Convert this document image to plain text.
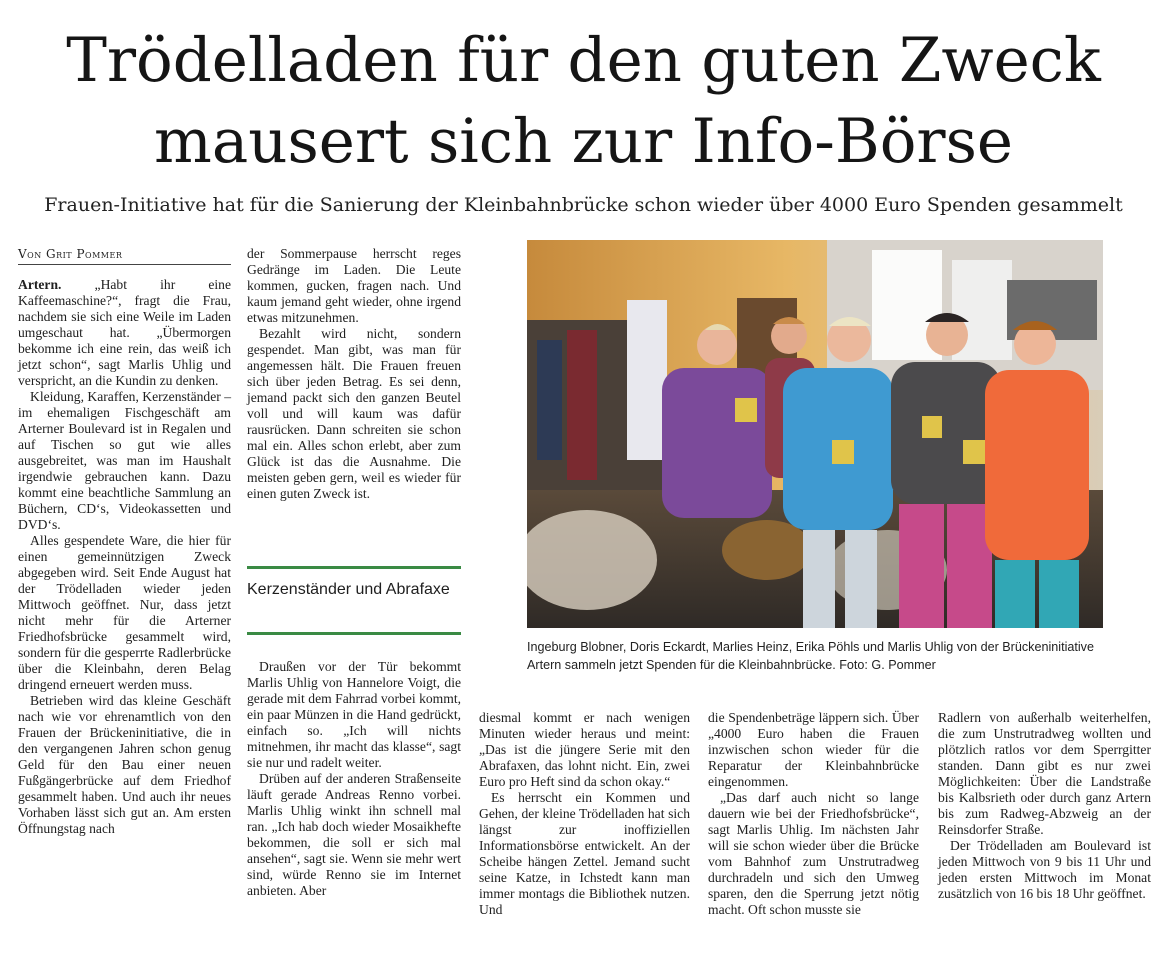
Trödelladen für den guten Zweck
mausert sich zur Info-Börse
Frauen-Initiative hat für die Sanierung der Kleinbahnbrücke schon wieder über 4000 Euro Spenden gesammelt
Von Grit Pommer

Artern. „Habt ihr eine Kaffeemaschine?“, fragt die Frau, nachdem sie sich eine Weile im Laden umgeschaut hat. „Übermorgen bekomme ich eine rein, das weiß ich jetzt schon“, sagt Marlis Uhlig und verspricht, an die Kundin zu denken.

Kleidung, Karaffen, Kerzenständer – im ehemaligen Fischgeschäft am Arterner Boulevard ist in Regalen und auf Tischen so gut wie alles ausgebreitet, was man im Haushalt irgendwie gebrauchen kann. Dazu kommt eine beachtliche Sammlung an Büchern, CD‘s, Videokassetten und DVD‘s.

Alles gespendete Ware, die hier für einen gemeinnützigen Zweck abgegeben wird. Seit Ende August hat der Trödelladen wieder jeden Mittwoch geöffnet. Nur, dass jetzt nicht mehr für die Arterner Friedhofsbrücke gesammelt wird, sondern für die gesperrte Radlerbrücke über die Kleinbahn, deren Belag dringend erneuert werden muss.

Betrieben wird das kleine Geschäft nach wie vor ehrenamtlich von den Frauen der Brückeninitiative, die in den vergangenen Jahren schon genug Geld für den Bau einer neuen Fußgängerbrücke auf dem Friedhof gesammelt haben. Und auch ihr neues Vorhaben lässt sich gut an. Am ersten Öffnungstag nach

der Sommerpause herrscht reges Gedränge im Laden. Die Leute kommen, gucken, fragen nach. Und kaum jemand geht wieder, ohne irgend etwas mitzunehmen.

Bezahlt wird nicht, sondern gespendet. Man gibt, was man für angemessen hält. Die Frauen freuen sich über jeden Betrag. Es sei denn, jemand packt sich den ganzen Beutel voll und will kaum was dafür rausrücken. Dann schreiten sie schon mal ein. Alles schon erlebt, aber zum Glück ist das die Ausnahme. Die meisten geben gern, weil es wieder für einen guten Zweck ist.

Kerzenständer und Abrafaxe

Draußen vor der Tür bekommt Marlis Uhlig von Hannelore Voigt, die gerade mit dem Fahrrad vorbei kommt, ein paar Münzen in die Hand gedrückt, einfach so. „Ich will nichts mitnehmen, ihr macht das klasse“, sagt sie nur und radelt weiter.

Drüben auf der anderen Straßenseite läuft gerade Andreas Renno vorbei. Marlis Uhlig winkt ihn schnell mal ran. „Ich hab doch wieder Mosaikhefte bekommen, die soll er sich mal ansehen“, sagt sie. Wenn sie mehr wert sind, würde Renno sie im Internet anbieten. Aber

diesmal kommt er nach wenigen Minuten wieder heraus und meint: „Das ist die jüngere Serie mit den Abrafaxen, das lohnt nicht. Ein, zwei Euro pro Heft sind da schon okay.“

Es herrscht ein Kommen und Gehen, der kleine Trödelladen hat sich längst zur inoffiziellen Informationsbörse entwickelt. An der Scheibe hängen Zettel. Jemand sucht seine Katze, in Ichstedt kann man immer montags die Bibliothek nutzen. Und

die Spendenbeträge läppern sich. Über „4000 Euro haben die Frauen inzwischen schon wieder für die Reparatur der Kleinbahnbrücke eingenommen.

„Das darf auch nicht so lange dauern wie bei der Friedhofsbrücke“, sagt Marlis Uhlig. Im nächsten Jahr will sie schon wieder über die Brücke vom Bahnhof zum Unstrutradweg durchradeln und sich den Umweg sparen, den die Sperrung jetzt nötig macht. Oft schon musste sie

Radlern von außerhalb weiterhelfen, die zum Unstrutradweg wollten und plötzlich ratlos vor dem Sperrgitter standen. Dann gibt es nur zwei Möglichkeiten: Über die Landstraße bis Kalbsrieth oder durch ganz Artern bis zum Radweg-Abzweig an der Reinsdorfer Straße.

Der Trödelladen am Boulevard ist jeden Mittwoch von 9 bis 11 Uhr und jeden ersten Mittwoch im Monat zusätzlich von 16 bis 18 Uhr geöffnet.

Ingeburg Blobner, Doris Eckardt, Marlies Heinz, Erika Pöhls und Marlis Uhlig von der Brückeninitiative Artern sammeln jetzt Spenden für die Kleinbahnbrücke. Foto: G. Pommer
